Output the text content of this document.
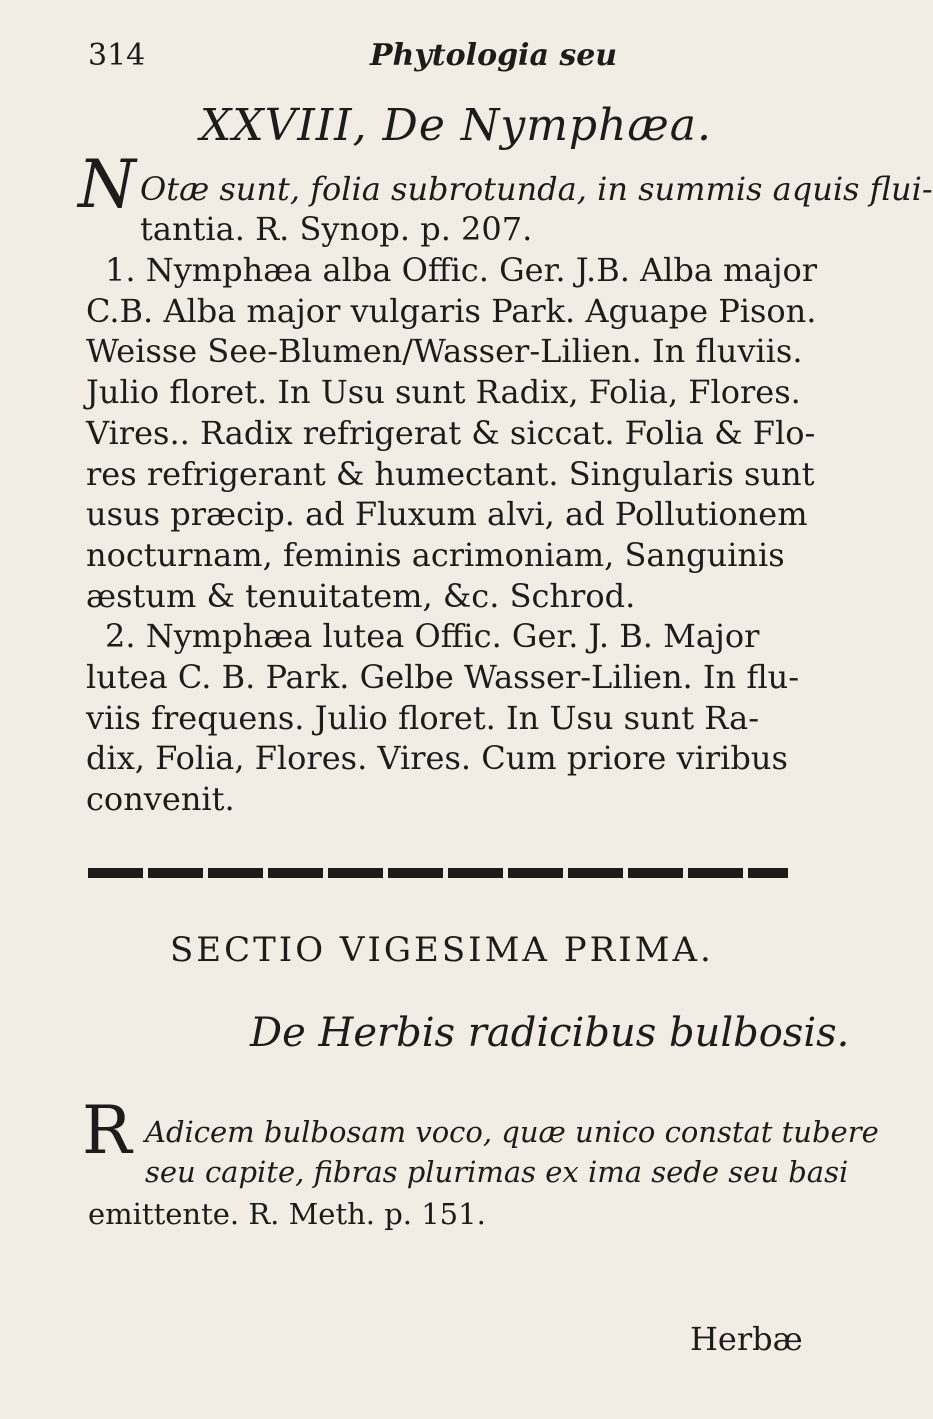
314	Phytologia seu
XXVIII, De Nymphæa.
N Otæ sunt, folia subrotunda, in summis aquis flui-
tantia. R. Synop. p. 207.
1. Nymphæa alba Offic. Ger. J.B. Alba major
C.B. Alba major vulgaris Park. Aguape Pison.
Weisse See-Blumen/Wasser-Lilien. In fluviis.
Julio floret. In Usu sunt Radix, Folia, Flores.
Vires.. Radix refrigerat & siccat. Folia & Flo-
res refrigerant & humectant. Singularis sunt
usus præcip. ad Fluxum alvi, ad Pollutionem
nocturnam, feminis acrimoniam, Sanguinis
æstum & tenuitatem, &c. Schrod.
2. Nymphæa lutea Offic. Ger. J. B. Major
lutea C. B. Park. Gelbe Wasser-Lilien. In flu-
viis frequens. Julio floret. In Usu sunt Ra-
dix, Folia, Flores. Vires. Cum priore viribus
convenit.
SECTIO VIGESIMA PRIMA.
De Herbis radicibus bulbosis.
R Adicem bulbosam voco, quæ unico constat tubere
seu capite, fibras plurimas ex ima sede seu basi
emittente. R. Meth. p. 151.
Herbæ
